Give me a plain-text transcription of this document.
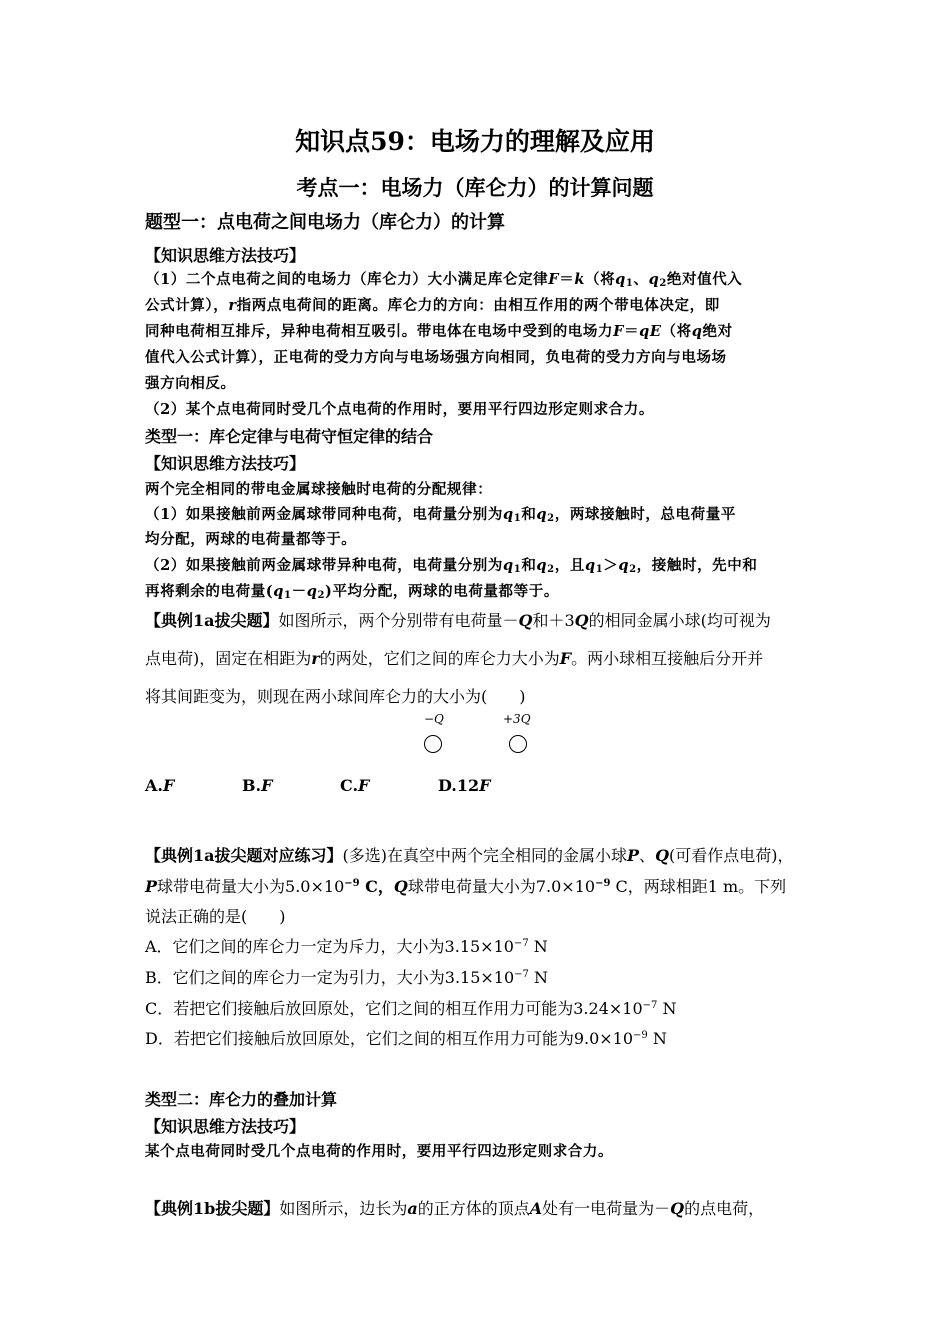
知识点59：电场力的理解及应用
考点一：电场力（库仑力）的计算问题
题型一：点电荷之间电场力（库仑力）的计算
【知识思维方法技巧】
（1）二个点电荷之间的电场力（库仑力）大小满足库仑定律F＝k（将$q_1$、$q_2$绝对值代入
公式计算），r指两点电荷间的距离。库仑力的方向：由相互作用的两个带电体决定，即
同种电荷相互排斥，异种电荷相互吸引。带电体在电场中受到的电场力F＝qE（将q绝对
值代入公式计算），正电荷的受力方向与电场场强方向相同，负电荷的受力方向与电场场
强方向相反。
（2）某个点电荷同时受几个点电荷的作用时，要用平行四边形定则求合力。
类型一：库仑定律与电荷守恒定律的结合
【知识思维方法技巧】
两个完全相同的带电金属球接触时电荷的分配规律：
（1）如果接触前两金属球带同种电荷，电荷量分别为$q_1$和$q_2$，两球接触时，总电荷量平
均分配，两球的电荷量都等于。
（2）如果接触前两金属球带异种电荷，电荷量分别为$q_1$和$q_2$，且$q_1>q_2$，接触时，先中和
再将剩余的电荷量$(q_1-q_2)$平均分配，两球的电荷量都等于。
【典例1a拔尖题】如图所示，两个分别带有电荷量－Q和＋3Q的相同金属小球(均可视为
点电荷)，固定在相距为r的两处，它们之间的库仑力大小为F。两小球相互接触后分开并
将其间距变为，则现在两小球间库仑力的大小为(　　)
−Q	+3Q
A.F	B.F	C.F	D.12F
【典例1a拔尖题对应练习】(多选)在真空中两个完全相同的金属小球P、Q(可看作点电荷)，
P球带电荷量大小为$5.0\times 10^{-9}$ C，Q球带电荷量大小为$7.0\times 10^{-9}$ C，两球相距1 m。下列
说法正确的是(　　)
A．它们之间的库仑力一定为斥力，大小为$3.15\times 10^{-7}$ N
B．它们之间的库仑力一定为引力，大小为$3.15\times 10^{-7}$ N
C．若把它们接触后放回原处，它们之间的相互作用力可能为$3.24\times 10^{-7}$ N
D．若把它们接触后放回原处，它们之间的相互作用力可能为$9.0\times 10^{-9}$ N
类型二：库仑力的叠加计算
【知识思维方法技巧】
某个点电荷同时受几个点电荷的作用时，要用平行四边形定则求合力。
【典例1b拔尖题】如图所示，边长为a的正方体的顶点A处有一电荷量为－Q的点电荷，
